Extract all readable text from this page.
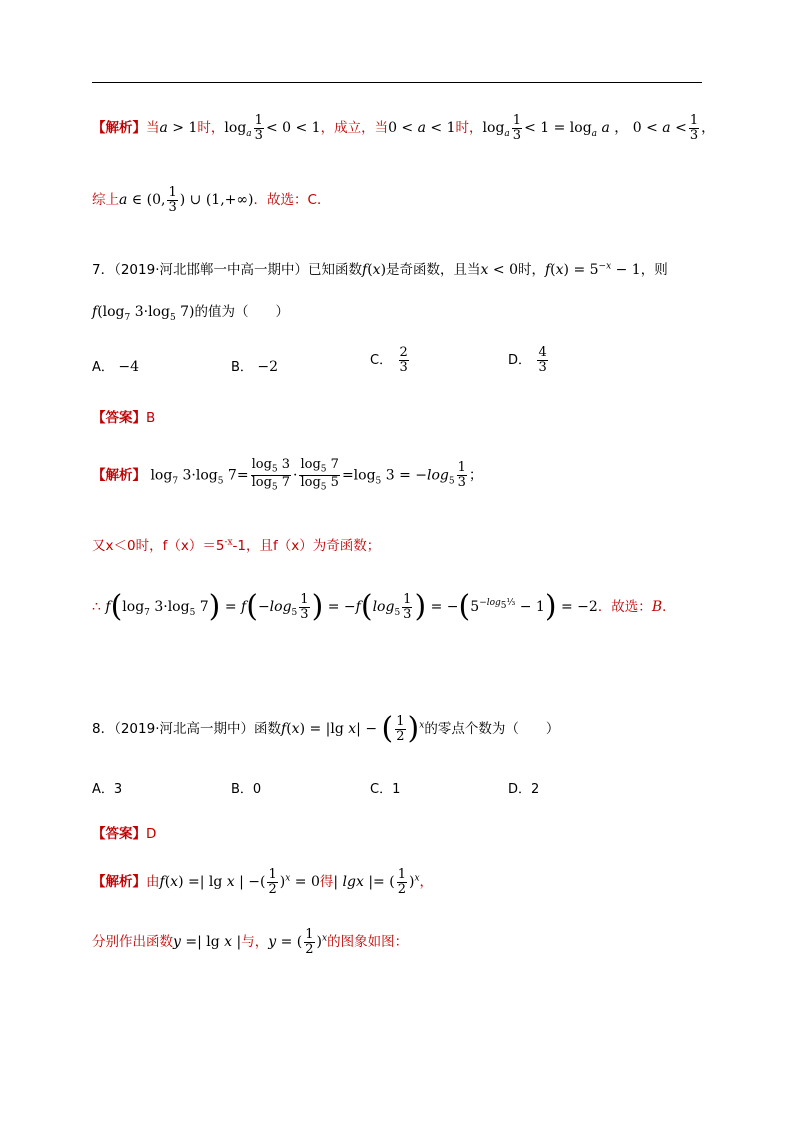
【解析】当a > 1时，$\log_a \frac{1}{3} < 0 < 1$，成立，当0 < a < 1时，$\log_a \frac{1}{3} < 1 = \log_a a$ ， $0 < a < \frac{1}{3}$ ，
综上a ∈ (0, $\frac{1}{3}$ ) ∪ (1,+∞)．故选：C．
7．（2019·河北邯郸一中高一期中）已知函数f(x)是奇函数，且当x < 0时，$f(x) = 5^{-x} - 1$，则
$f(\log_7$ $3\cdot\log_5$ 7)的值为（　　）
A． −4	B． −2	C． $\frac{2}{3}$	D． $\frac{4}{3}$
【答案】B
【解析】 $\log_7 3\cdot\log_5$ $7= \frac{\log_5 3}{\log_5 7} \cdot \frac{\log_5 7}{\log_5 5} =\log_5$ $3 = -\log_5 \frac{1}{3}$ ；
又x＜0时，$f(x)=5^{-x}-1$，且f（x）为奇函数；
∴ $f(\log_7$ $3\cdot\log_5$ $7) = f(-\log_5 \frac{1}{3}$ ) = $-f(\log_5 \frac{1}{3}$ ) = $-(5^{-log_5\frac{1}{3}} - 1) = -2$．故选：B．
8．（2019·河北高一期中）函数f(x) = |lg x| − ( $\frac{1}{2} )^x$的零点个数为（　　）
A．3	B．0	C．1	D．2
【答案】D
【解析】由f(x) =| lg x | −( $\frac{1}{2} )^x = 0$得| lgx |= ( $\frac{1}{2} )^x$，
分别作出函数y =| lg x |与，y = ( $\frac{1}{2} )^x$的图象如图：
